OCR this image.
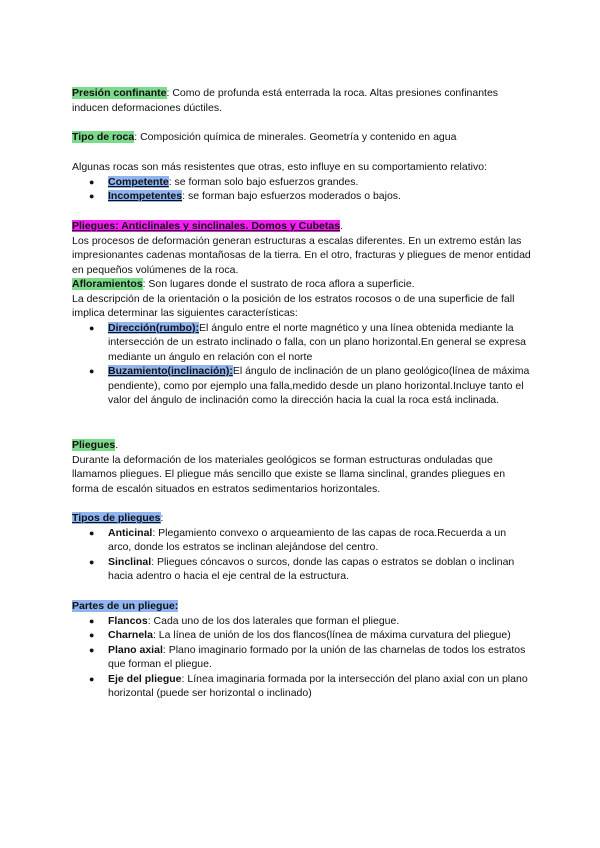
Presión confinante: Como de profunda está enterrada la roca. Altas presiones confinantes inducen deformaciones dúctiles.

Tipo de roca: Composición química de minerales. Geometría y contenido en agua

Algunas rocas son más resistentes que otras, esto influye en su comportamiento relativo:

● Competente: se forman solo bajo esfuerzos grandes.
● Incompetentes: se forman bajo esfuerzos moderados o bajos.

Pliegues: Anticlinales y sinclinales. Domos y Cubetas.

Los procesos de deformación generan estructuras a escalas diferentes. En un extremo están las impresionantes cadenas montañosas de la tierra. En el otro, fracturas y pliegues de menor entidad en pequeños volúmenes de la roca.

Afloramientos: Son lugares donde el sustrato de roca aflora a superficie.

La descripción de la orientación o la posición de los estratos rocosos o de una superficie de fall implica determinar las siguientes características:

● Dirección(rumbo):El ángulo entre el norte magnético y una línea obtenida mediante la intersección de un estrato inclinado o falla, con un plano horizontal.En general se expresa mediante un ángulo en relación con el norte
● Buzamiento(inclinación):El ángulo de inclinación de un plano geológico(línea de máxima pendiente), como por ejemplo una falla,medido desde un plano horizontal.Incluye tanto el valor del ángulo de inclinación como la dirección hacia la cual la roca está inclinada.

Pliegues.

Durante la deformación de los materiales geológicos se forman estructuras onduladas que llamamos pliegues. El pliegue más sencillo que existe se llama sinclinal, grandes pliegues en forma de escalón situados en estratos sedimentarios horizontales.

Tipos de pliegues:

● Anticinal: Plegamiento convexo o arqueamiento de las capas de roca.Recuerda a un arco, donde los estratos se inclinan alejándose del centro.
● Sinclinal: Pliegues cóncavos o surcos, donde las capas o estratos se doblan o inclinan hacia adentro o hacia el eje central de la estructura.

Partes de un pliegue:

● Flancos: Cada uno de los dos laterales que forman el pliegue.
● Charnela: La línea de unión de los dos flancos(línea de máxima curvatura del pliegue)
● Plano axial: Plano imaginario formado por la unión de las charnelas de todos los estratos que forman el pliegue.
● Eje del pliegue: Línea imaginaria formada por la intersección del plano axial con un plano horizontal (puede ser horizontal o inclinado)
